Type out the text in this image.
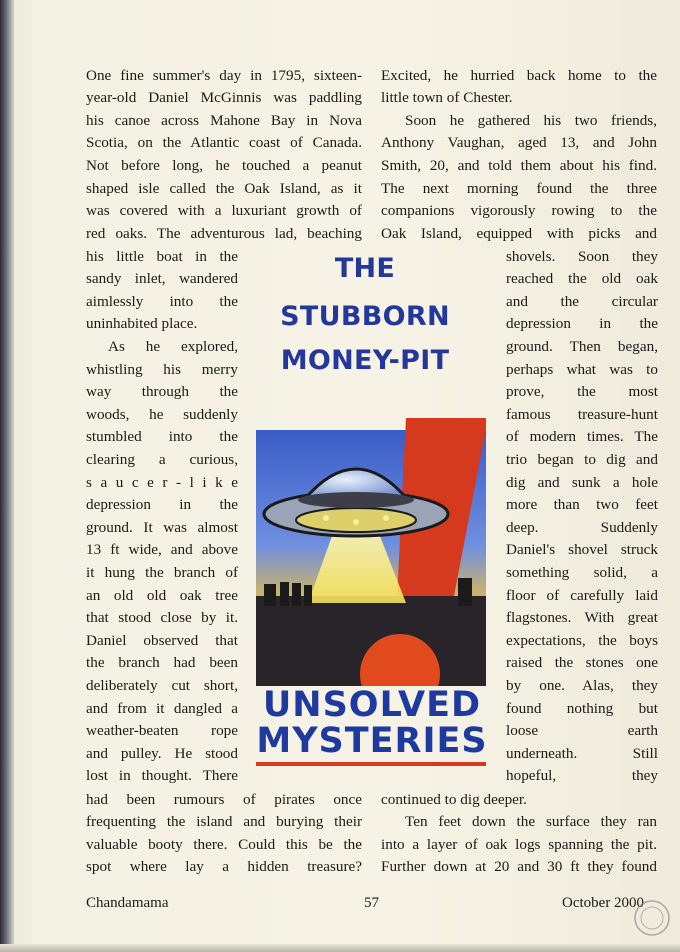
One fine summer's day in 1795, sixteen-

year-old Daniel McGinnis was paddling

his canoe across Mahone Bay in Nova

Scotia, on the Atlantic coast of Canada.

Not before long, he touched a peanut

shaped isle called the Oak Island, as it

was covered with a luxuriant growth of

red oaks. The adventurous lad, beaching

his little boat in the

sandy inlet, wandered

aimlessly into the

uninhabited place.

As he explored,

whistling his merry

way through the

woods, he suddenly

stumbled into the

clearing a curious,

s a u c e r - l i k e

depression in the

ground. It was almost

13 ft wide, and above

it hung the branch of

an old old oak tree

that stood close by it.

Daniel observed that

the branch had been

deliberately cut short,

and from it dangled a

weather-beaten rope

and pulley. He stood

lost in thought. There

had been rumours of pirates once

frequenting the island and burying their

valuable booty there. Could this be the

spot where lay a hidden treasure?

Excited, he hurried back home to the

little town of Chester.

Soon he gathered his two friends,

Anthony Vaughan, aged 13, and John

Smith, 20, and told them about his find.

The next morning found the three

companions vigorously rowing to the

Oak Island, equipped with picks and

shovels. Soon they

reached the old oak

and the circular

depression in the

ground. Then began,

perhaps what was to

prove, the most

famous treasure-hunt

of modern times. The

trio began to dig and

dig and sunk a hole

more than two feet

deep. Suddenly

Daniel's shovel struck

something solid, a

floor of carefully laid

flagstones. With great

expectations, the boys

raised the stones one

by one. Alas, they

found nothing but

loose earth

underneath. Still

hopeful, they

continued to dig deeper.

Ten feet down the surface they ran

into a layer of oak logs spanning the pit.

Further down at 20 and 30 ft they found

THE
STUBBORN
MONEY-PIT
UNSOLVED
MYSTERIES
Chandamama	57	October 2000
